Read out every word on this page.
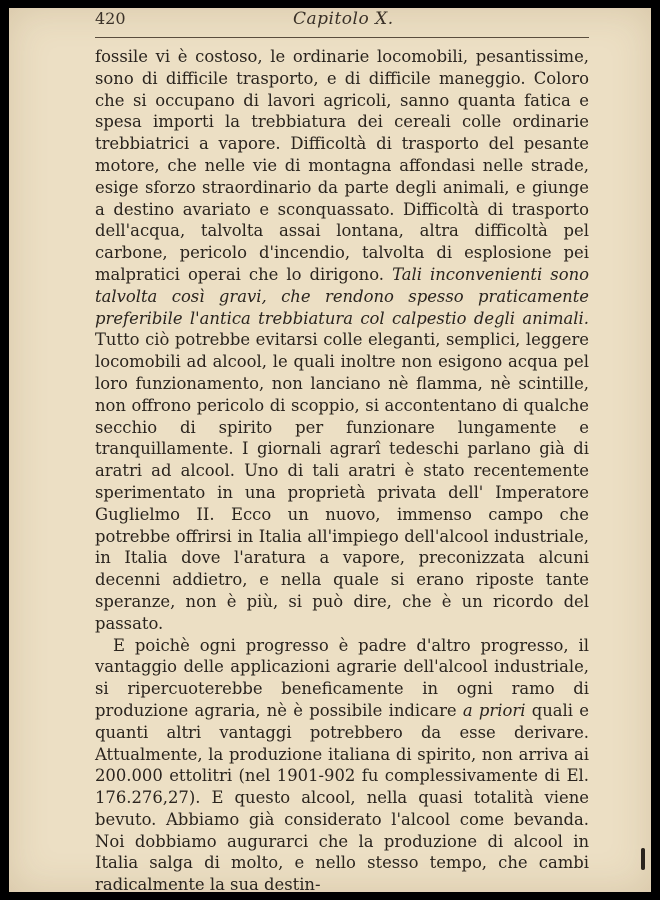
420	Capitolo X.

fossile vi è costoso, le ordinarie locomobili, pesantissime, sono di difficile trasporto, e di difficile maneggio. Coloro che si occupano di lavori agricoli, sanno quanta fatica e spesa importi la trebbiatura dei cereali colle ordinarie trebbiatrici a vapore. Difficoltà di trasporto del pesante motore, che nelle vie di montagna affondasi nelle strade, esige sforzo straordinario da parte degli animali, e giunge a destino avariato e sconquassato. Difficoltà di trasporto dell'acqua, talvolta assai lontana, altra difficoltà pel carbone, pericolo d'incendio, talvolta di esplosione pei malpratici operai che lo dirigono. Tali inconvenienti sono talvolta così gravi, che rendono spesso praticamente preferibile l'antica trebbiatura col calpestio degli animali. Tutto ciò potrebbe evitarsi colle eleganti, semplici, leggere locomobili ad alcool, le quali inoltre non esigono acqua pel loro funzionamento, non lanciano nè flamma, nè scintille, non offrono pericolo di scoppio, si accontentano di qualche secchio di spirito per funzionare lungamente e tranquillamente. I giornali agrarî tedeschi parlano già di aratri ad alcool. Uno di tali aratri è stato recentemente sperimentato in una proprietà privata dell' Imperatore Guglielmo II. Ecco un nuovo, immenso campo che potrebbe offrirsi in Italia all'impiego dell'alcool industriale, in Italia dove l'aratura a vapore, preconizzata alcuni decenni addietro, e nella quale si erano riposte tante speranze, non è più, si può dire, che è un ricordo del passato.

E poichè ogni progresso è padre d'altro progresso, il vantaggio delle applicazioni agrarie dell'alcool industriale, si ripercuoterebbe beneficamente in ogni ramo di produzione agraria, nè è possibile indicare a priori quali e quanti altri vantaggi potrebbero da esse derivare. Attualmente, la produzione italiana di spirito, non arriva ai 200.000 ettolitri (nel 1901-902 fu complessivamente di El. 176.276,27). E questo alcool, nella quasi totalità viene bevuto. Abbiamo già considerato l'alcool come bevanda. Noi dobbiamo augurarci che la produzione di alcool in Italia salga di molto, e nello stesso tempo, che cambi radicalmente la sua destin-
